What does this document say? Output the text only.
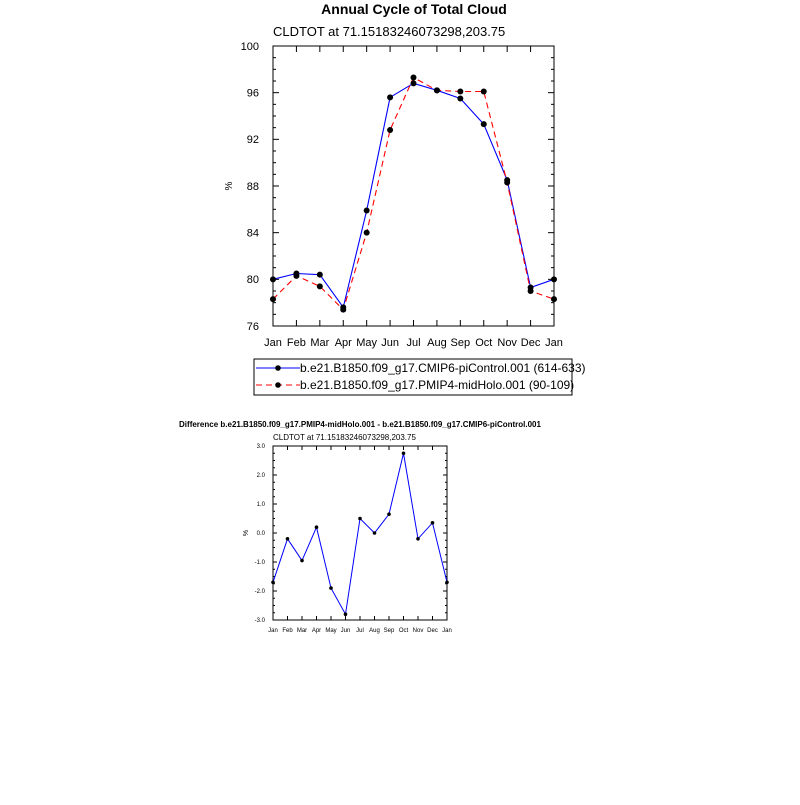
Annual Cycle of Total Cloud
CLDTOT at 71.15183246073298,203.75
Jan Feb Mar Apr May Jun Jul Aug Sep Oct Nov Dec Jan
76
80
84
88
92
96
100
%
b.e21.B1850.f09_g17.CMIP6-piControl.001 (614-633)
b.e21.B1850.f09_g17.PMIP4-midHolo.001 (90-109)
Difference b.e21.B1850.f09_g17.PMIP4-midHolo.001 - b.e21.B1850.f09_g17.CMIP6-piControl.001
CLDTOT at 71.15183246073298,203.75
Jan Feb Mar Apr May Jun Jul Aug Sep Oct Nov Dec Jan
-3.0
-2.0
-1.0
0.0
1.0
2.0
3.0
%
